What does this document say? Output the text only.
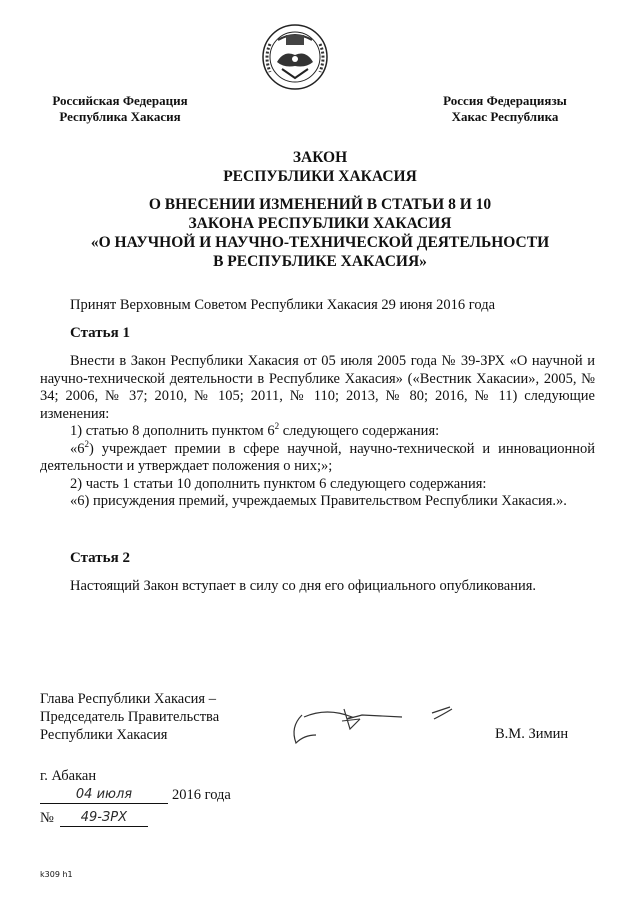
Российская Федерация
Республика Хакасия
Россия Федерациязы
Хакас Республика
ЗАКОН
РЕСПУБЛИКИ ХАКАСИЯ
О ВНЕСЕНИИ ИЗМЕНЕНИЙ В СТАТЬИ 8 И 10
ЗАКОНА РЕСПУБЛИКИ ХАКАСИЯ
«О НАУЧНОЙ И НАУЧНО-ТЕХНИЧЕСКОЙ ДЕЯТЕЛЬНОСТИ
В РЕСПУБЛИКЕ ХАКАСИЯ»
Принят Верховным Советом Республики Хакасия 29 июня 2016 года
Статья 1

Внести в Закон Республики Хакасия от 05 июля 2005 года № 39-ЗРХ «О научной и научно-технической деятельности в Республике Хакасия» («Вестник Хакасии», 2005, № 34; 2006, № 37; 2010, № 105; 2011, № 110; 2013, № 80; 2016, № 11) следующие изменения:

1) статью 8 дополнить пунктом $6^2$ следующего содержания:

«$6^2$) учреждает премии в сфере научной, научно-технической и инновационной деятельности и утверждает положения о них;»;

2) часть 1 статьи 10 дополнить пунктом 6 следующего содержания:

«6) присуждения премий, учреждаемых Правительством Республики Хакасия.».

Статья 2
Настоящий Закон вступает в силу со дня его официального опубликования.
Глава Республики Хакасия –
Председатель Правительства
Республики Хакасия	В.М. Зимин
г. Абакан
04 июля	2016 года
№	49-ЗРХ
k309 h1
